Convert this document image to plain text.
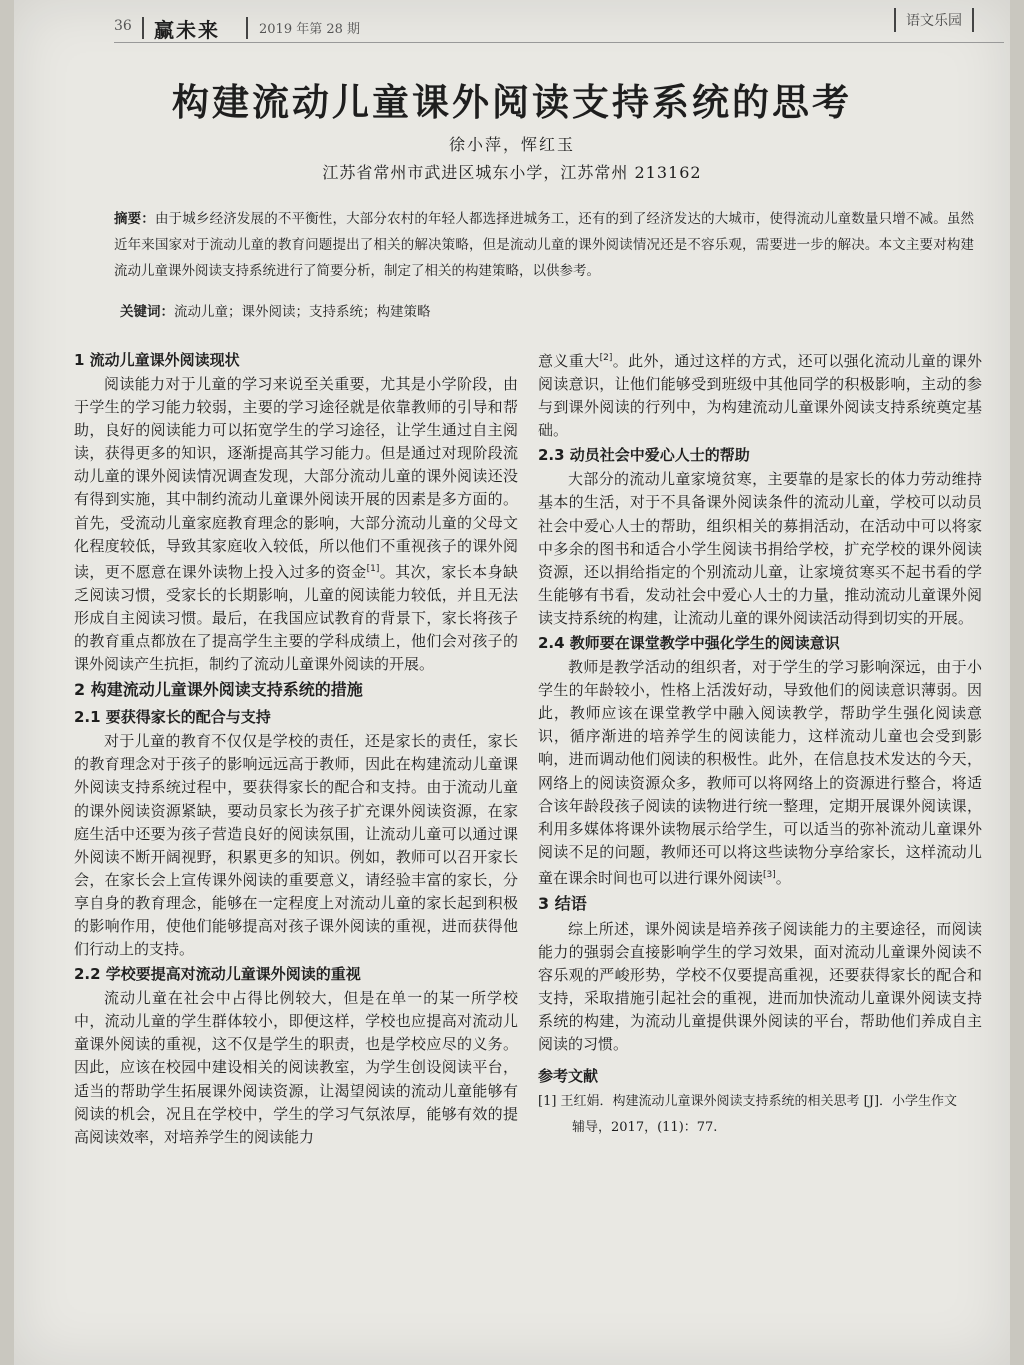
36 赢未来	2019 年第 28 期
语文乐园
构建流动儿童课外阅读支持系统的思考
徐小萍，恽红玉
江苏省常州市武进区城东小学，江苏常州 213162
摘要：由于城乡经济发展的不平衡性，大部分农村的年轻人都选择进城务工，还有的到了经济发达的大城市，使得流动儿童数量只增不减。虽然近年来国家对于流动儿童的教育问题提出了相关的解决策略，但是流动儿童的课外阅读情况还是不容乐观，需要进一步的解决。本文主要对构建流动儿童课外阅读支持系统进行了简要分析，制定了相关的构建策略，以供参考。
关键词：流动儿童；课外阅读；支持系统；构建策略
1 流动儿童课外阅读现状

阅读能力对于儿童的学习来说至关重要，尤其是小学阶段，由于学生的学习能力较弱，主要的学习途径就是依靠教师的引导和帮助，良好的阅读能力可以拓宽学生的学习途径，让学生通过自主阅读，获得更多的知识，逐渐提高其学习能力。但是通过对现阶段流动儿童的课外阅读情况调查发现，大部分流动儿童的课外阅读还没有得到实施，其中制约流动儿童课外阅读开展的因素是多方面的。首先，受流动儿童家庭教育理念的影响，大部分流动儿童的父母文化程度较低，导致其家庭收入较低，所以他们不重视孩子的课外阅读，更不愿意在课外读物上投入过多的资金[1]。其次，家长本身缺乏阅读习惯，受家长的长期影响，儿童的阅读能力较低，并且无法形成自主阅读习惯。最后，在我国应试教育的背景下，家长将孩子的教育重点都放在了提高学生主要的学科成绩上，他们会对孩子的课外阅读产生抗拒，制约了流动儿童课外阅读的开展。

2 构建流动儿童课外阅读支持系统的措施
2.1 要获得家长的配合与支持

对于儿童的教育不仅仅是学校的责任，还是家长的责任，家长的教育理念对于孩子的影响远远高于教师，因此在构建流动儿童课外阅读支持系统过程中，要获得家长的配合和支持。由于流动儿童的课外阅读资源紧缺，要动员家长为孩子扩充课外阅读资源，在家庭生活中还要为孩子营造良好的阅读氛围，让流动儿童可以通过课外阅读不断开阔视野，积累更多的知识。例如，教师可以召开家长会，在家长会上宣传课外阅读的重要意义，请经验丰富的家长，分享自身的教育理念，能够在一定程度上对流动儿童的家长起到积极的影响作用，使他们能够提高对孩子课外阅读的重视，进而获得他们行动上的支持。

2.2 学校要提高对流动儿童课外阅读的重视

流动儿童在社会中占得比例较大，但是在单一的某一所学校中，流动儿童的学生群体较小，即便这样，学校也应提高对流动儿童课外阅读的重视，这不仅是学生的职责，也是学校应尽的义务。因此，应该在校园中建设相关的阅读教室，为学生创设阅读平台，适当的帮助学生拓展课外阅读资源，让渴望阅读的流动儿童能够有阅读的机会，况且在学校中，学生的学习气氛浓厚，能够有效的提高阅读效率，对培养学生的阅读能力

意义重大[2]。此外，通过这样的方式，还可以强化流动儿童的课外阅读意识，让他们能够受到班级中其他同学的积极影响，主动的参与到课外阅读的行列中，为构建流动儿童课外阅读支持系统奠定基础。

2.3 动员社会中爱心人士的帮助

大部分的流动儿童家境贫寒，主要靠的是家长的体力劳动维持基本的生活，对于不具备课外阅读条件的流动儿童，学校可以动员社会中爱心人士的帮助，组织相关的募捐活动，在活动中可以将家中多余的图书和适合小学生阅读书捐给学校，扩充学校的课外阅读资源，还以捐给指定的个别流动儿童，让家境贫寒买不起书看的学生能够有书看，发动社会中爱心人士的力量，推动流动儿童课外阅读支持系统的构建，让流动儿童的课外阅读活动得到切实的开展。

2.4 教师要在课堂教学中强化学生的阅读意识

教师是教学活动的组织者，对于学生的学习影响深远，由于小学生的年龄较小，性格上活泼好动，导致他们的阅读意识薄弱。因此，教师应该在课堂教学中融入阅读教学，帮助学生强化阅读意识，循序渐进的培养学生的阅读能力，这样流动儿童也会受到影响，进而调动他们阅读的积极性。此外，在信息技术发达的今天，网络上的阅读资源众多，教师可以将网络上的资源进行整合，将适合该年龄段孩子阅读的读物进行统一整理，定期开展课外阅读课，利用多媒体将课外读物展示给学生，可以适当的弥补流动儿童课外阅读不足的问题，教师还可以将这些读物分享给家长，这样流动儿童在课余时间也可以进行课外阅读[3]。

3 结语

综上所述，课外阅读是培养孩子阅读能力的主要途径，而阅读能力的强弱会直接影响学生的学习效果，面对流动儿童课外阅读不容乐观的严峻形势，学校不仅要提高重视，还要获得家长的配合和支持，采取措施引起社会的重视，进而加快流动儿童课外阅读支持系统的构建，为流动儿童提供课外阅读的平台，帮助他们养成自主阅读的习惯。

参考文献
[1] 王红娟．构建流动儿童课外阅读支持系统的相关思考 [J]．小学生作文
辅导，2017，(11)：77.
